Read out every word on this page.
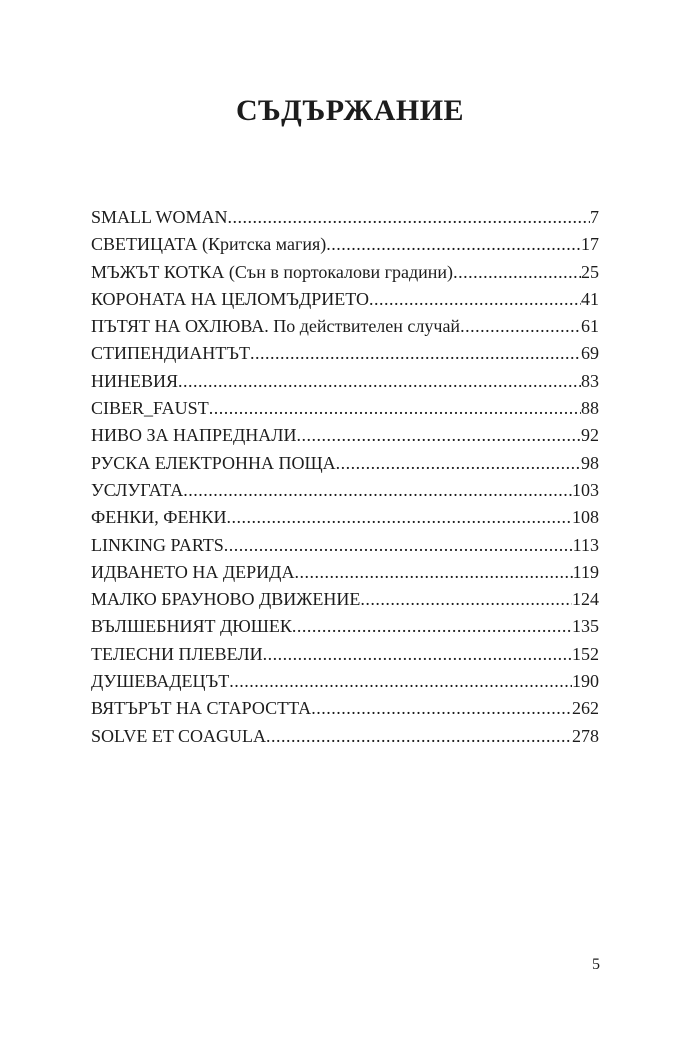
СЪДЪРЖАНИЕ
SMALL WOMAN .....	7
СВЕТИЦАТА (Критска магия) .....	17
МЪЖЪТ КОТКА (Сън в портокалови градини) .....	25
КОРОНАТА НА ЦЕЛОМЪДРИЕТО .....	41
ПЪТЯТ НА ОХЛЮВА. По действителен случай .....	61
СТИПЕНДИАНТЪТ .....	69
НИНЕВИЯ .....	83
CIBER_FAUST .....	88
НИВО ЗА НАПРЕДНАЛИ .....	92
РУСКА ЕЛЕКТРОННА ПОЩА .....	98
УСЛУГАТА .....	103
ФЕНКИ, ФЕНКИ .....	108
LINKING PARTS .....	113
ИДВАНЕТО НА ДЕРИДА .....	119
МАЛКО БРАУНОВО ДВИЖЕНИЕ .....	124
ВЪЛШЕБНИЯТ ДЮШЕК .....	135
ТЕЛЕСНИ ПЛЕВЕЛИ .....	152
ДУШЕВАДЕЦЪТ .....	190
ВЯТЪРЪТ НА СТАРОСТТА .....	262
SOLVE ET COAGULA .....	278
5
